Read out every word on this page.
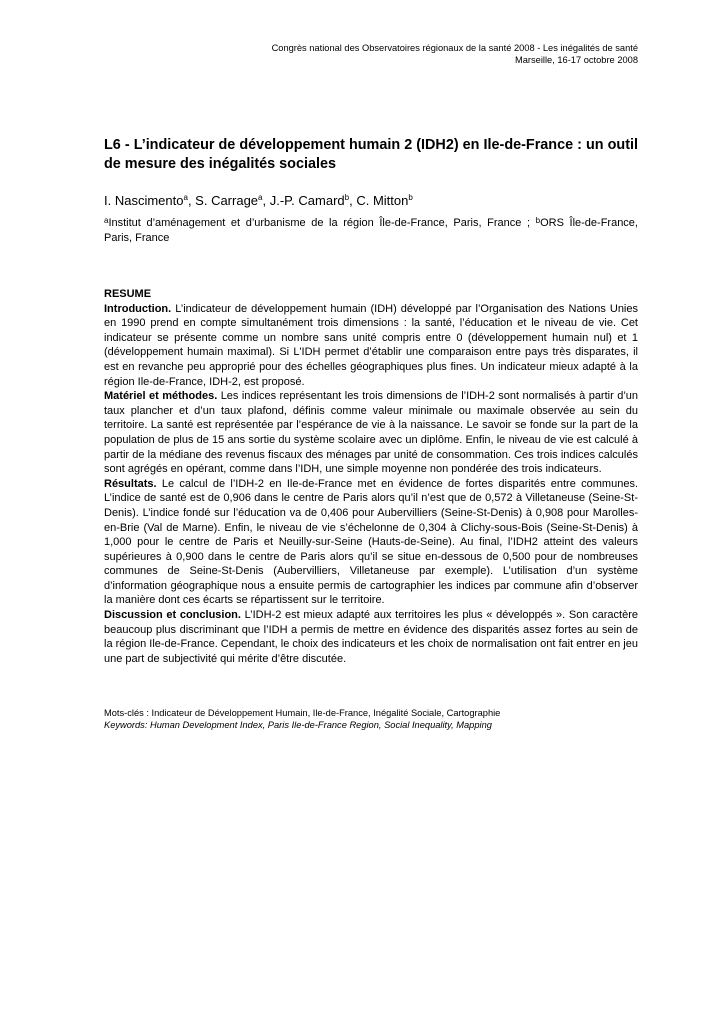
Congrès national des Observatoires régionaux de la santé 2008 - Les inégalités de santé
Marseille, 16-17 octobre 2008
L6 - L’indicateur de développement humain 2 (IDH2) en Ile-de-France : un outil de mesure des inégalités sociales
I. Nascimento$^a$, S. Carrage$^a$, J.-P. Camard$^b$, C. Mitton$^b$
$^a$Institut d’aménagement et d’urbanisme de la région Île-de-France, Paris, France ; $^b$ORS Île-de-France, Paris, France

RESUME

Introduction. L’indicateur de développement humain (IDH) développé par l’Organisation des Nations Unies en 1990 prend en compte simultanément trois dimensions : la santé, l’éducation et le niveau de vie. Cet indicateur se présente comme un nombre sans unité compris entre 0 (développement humain nul) et 1 (développement humain maximal). Si L'IDH permet d’établir une comparaison entre pays très disparates, il est en revanche peu approprié pour des échelles géographiques plus fines. Un indicateur mieux adapté à la région Ile-de-France, IDH-2, est proposé.

Matériel et méthodes. Les indices représentant les trois dimensions de l’IDH-2 sont normalisés à partir d’un taux plancher et d’un taux plafond, définis comme valeur minimale ou maximale observée au sein du territoire. La santé est représentée par l’espérance de vie à la naissance. Le savoir se fonde sur la part de la population de plus de 15 ans sortie du système scolaire avec un diplôme. Enfin, le niveau de vie est calculé à partir de la médiane des revenus fiscaux des ménages par unité de consommation. Ces trois indices calculés sont agrégés en opérant, comme dans l’IDH, une simple moyenne non pondérée des trois indicateurs.

Résultats. Le calcul de l’IDH-2 en Ile-de-France met en évidence de fortes disparités entre communes. L’indice de santé est de 0,906 dans le centre de Paris alors qu’il n’est que de 0,572 à Villetaneuse (Seine-St-Denis). L’indice fondé sur l’éducation va de 0,406 pour Aubervilliers (Seine-St-Denis) à 0,908 pour Marolles-en-Brie (Val de Marne). Enfin, le niveau de vie s’échelonne de 0,304 à Clichy-sous-Bois (Seine-St-Denis) à 1,000 pour le centre de Paris et Neuilly-sur-Seine (Hauts-de-Seine). Au final, l’IDH2 atteint des valeurs supérieures à 0,900 dans le centre de Paris alors qu’il se situe en-dessous de 0,500 pour de nombreuses communes de Seine-St-Denis (Aubervilliers, Villetaneuse par exemple). L’utilisation d’un système d’information géographique nous a ensuite permis de cartographier les indices par commune afin d’observer la manière dont ces écarts se répartissent sur le territoire.

Discussion et conclusion. L’IDH-2 est mieux adapté aux territoires les plus « développés ». Son caractère beaucoup plus discriminant que l’IDH a permis de mettre en évidence des disparités assez fortes au sein de la région Ile-de-France. Cependant, le choix des indicateurs et les choix de normalisation ont fait entrer en jeu une part de subjectivité qui mérite d’être discutée.

Mots-clés : Indicateur de Développement Humain, Ile-de-France, Inégalité Sociale, Cartographie
Keywords: Human Development Index, Paris Ile-de-France Region, Social Inequality, Mapping
